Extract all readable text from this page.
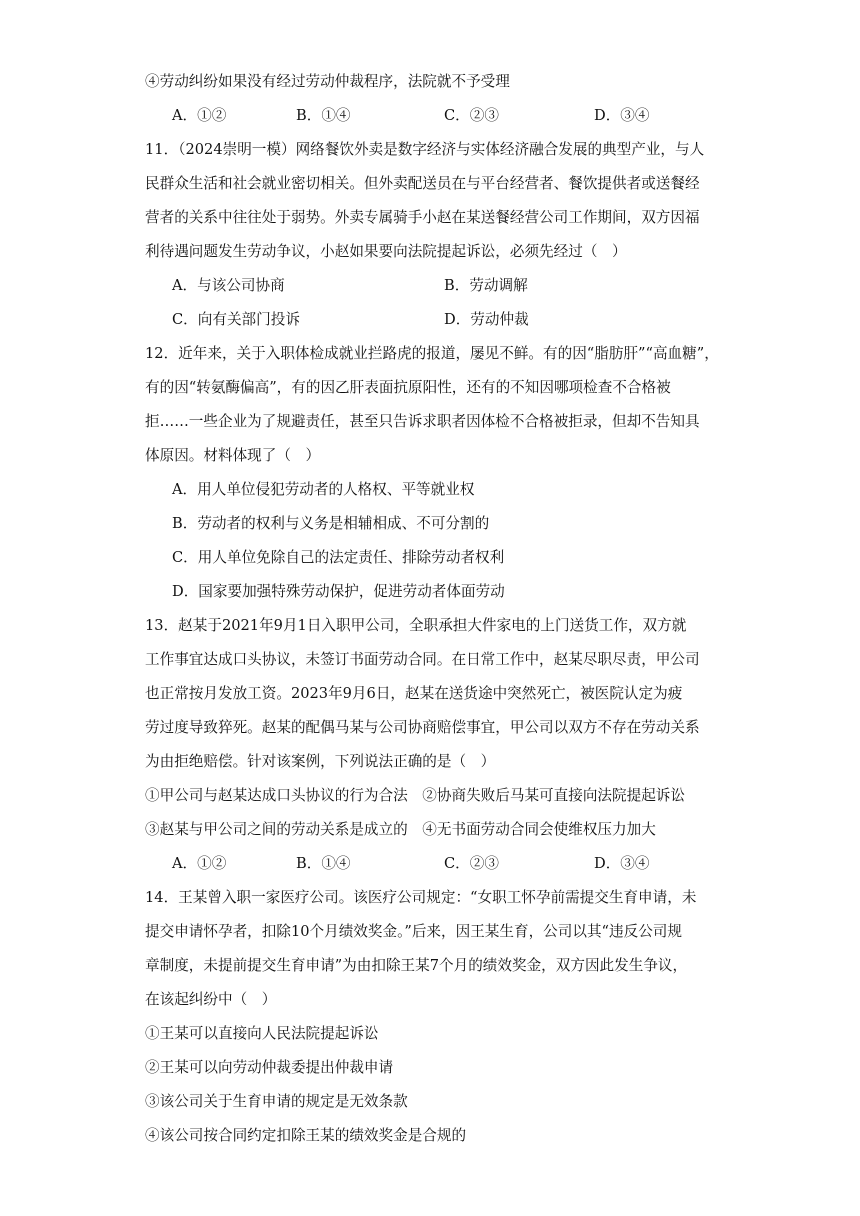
④劳动纠纷如果没有经过劳动仲裁程序，法院就不予受理
A．①②	B．①④	C．②③	D．③④
11．（2024崇明一模）网络餐饮外卖是数字经济与实体经济融合发展的典型产业，与人
民群众生活和社会就业密切相关。但外卖配送员在与平台经营者、餐饮提供者或送餐经
营者的关系中往往处于弱势。外卖专属骑手小赵在某送餐经营公司工作期间，双方因福
利待遇问题发生劳动争议，小赵如果要向法院提起诉讼，必须先经过（　）
A．与该公司协商	B．劳动调解
C．向有关部门投诉	D．劳动仲裁
12．近年来，关于入职体检成就业拦路虎的报道，屡见不鲜。有的因“脂肪肝”“高血糖”，
有的因“转氨酶偏高”，有的因乙肝表面抗原阳性，还有的不知因哪项检查不合格被
拒……一些企业为了规避责任，甚至只告诉求职者因体检不合格被拒录，但却不告知具
体原因。材料体现了（　）
A．用人单位侵犯劳动者的人格权、平等就业权
B．劳动者的权利与义务是相辅相成、不可分割的
C．用人单位免除自己的法定责任、排除劳动者权利
D．国家要加强特殊劳动保护，促进劳动者体面劳动
13．赵某于2021年9月1日入职甲公司，全职承担大件家电的上门送货工作，双方就
工作事宜达成口头协议，未签订书面劳动合同。在日常工作中，赵某尽职尽责，甲公司
也正常按月发放工资。2023年9月6日，赵某在送货途中突然死亡，被医院认定为疲
劳过度导致猝死。赵某的配偶马某与公司协商赔偿事宜，甲公司以双方不存在劳动关系
为由拒绝赔偿。针对该案例，下列说法正确的是（　）
①甲公司与赵某达成口头协议的行为合法　②协商失败后马某可直接向法院提起诉讼
③赵某与甲公司之间的劳动关系是成立的　④无书面劳动合同会使维权压力加大
A．①②	B．①④	C．②③	D．③④
14．王某曾入职一家医疗公司。该医疗公司规定：“女职工怀孕前需提交生育申请，未
提交申请怀孕者，扣除10个月绩效奖金。”后来，因王某生育，公司以其“违反公司规
章制度，未提前提交生育申请”为由扣除王某7个月的绩效奖金，双方因此发生争议，
在该起纠纷中（　）
①王某可以直接向人民法院提起诉讼
②王某可以向劳动仲裁委提出仲裁申请
③该公司关于生育申请的规定是无效条款
④该公司按合同约定扣除王某的绩效奖金是合规的
